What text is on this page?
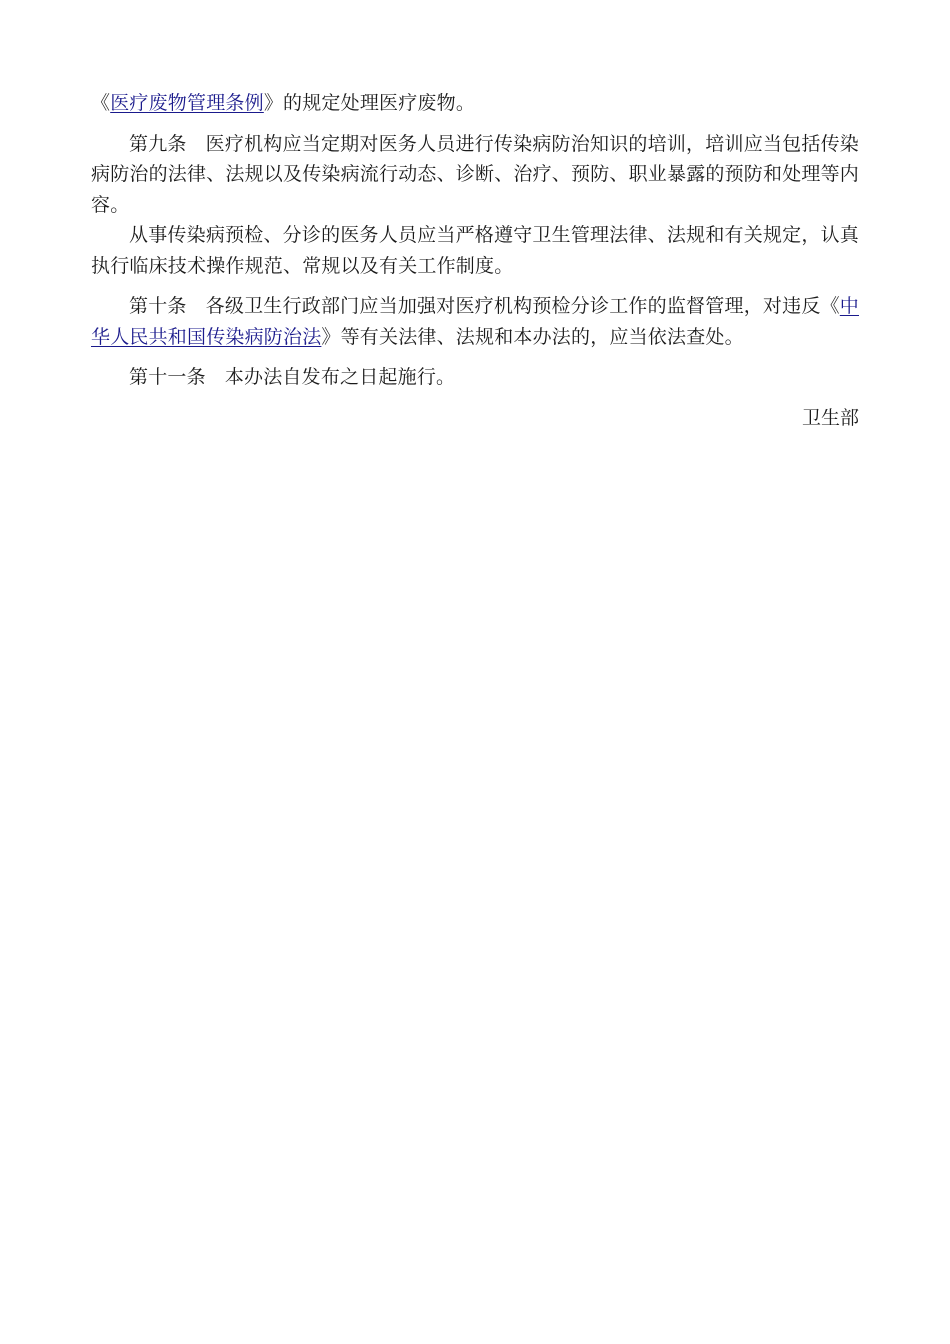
《医疗废物管理条例》的规定处理医疗废物。

第九条 医疗机构应当定期对医务人员进行传染病防治知识的培训，培训应当包括传染病防治的法律、法规以及传染病流行动态、诊断、治疗、预防、职业暴露的预防和处理等内容。

从事传染病预检、分诊的医务人员应当严格遵守卫生管理法律、法规和有关规定，认真执行临床技术操作规范、常规以及有关工作制度。

第十条 各级卫生行政部门应当加强对医疗机构预检分诊工作的监督管理，对违反《中华人民共和国传染病防治法》等有关法律、法规和本办法的，应当依法查处。

第十一条 本办法自发布之日起施行。

卫生部
